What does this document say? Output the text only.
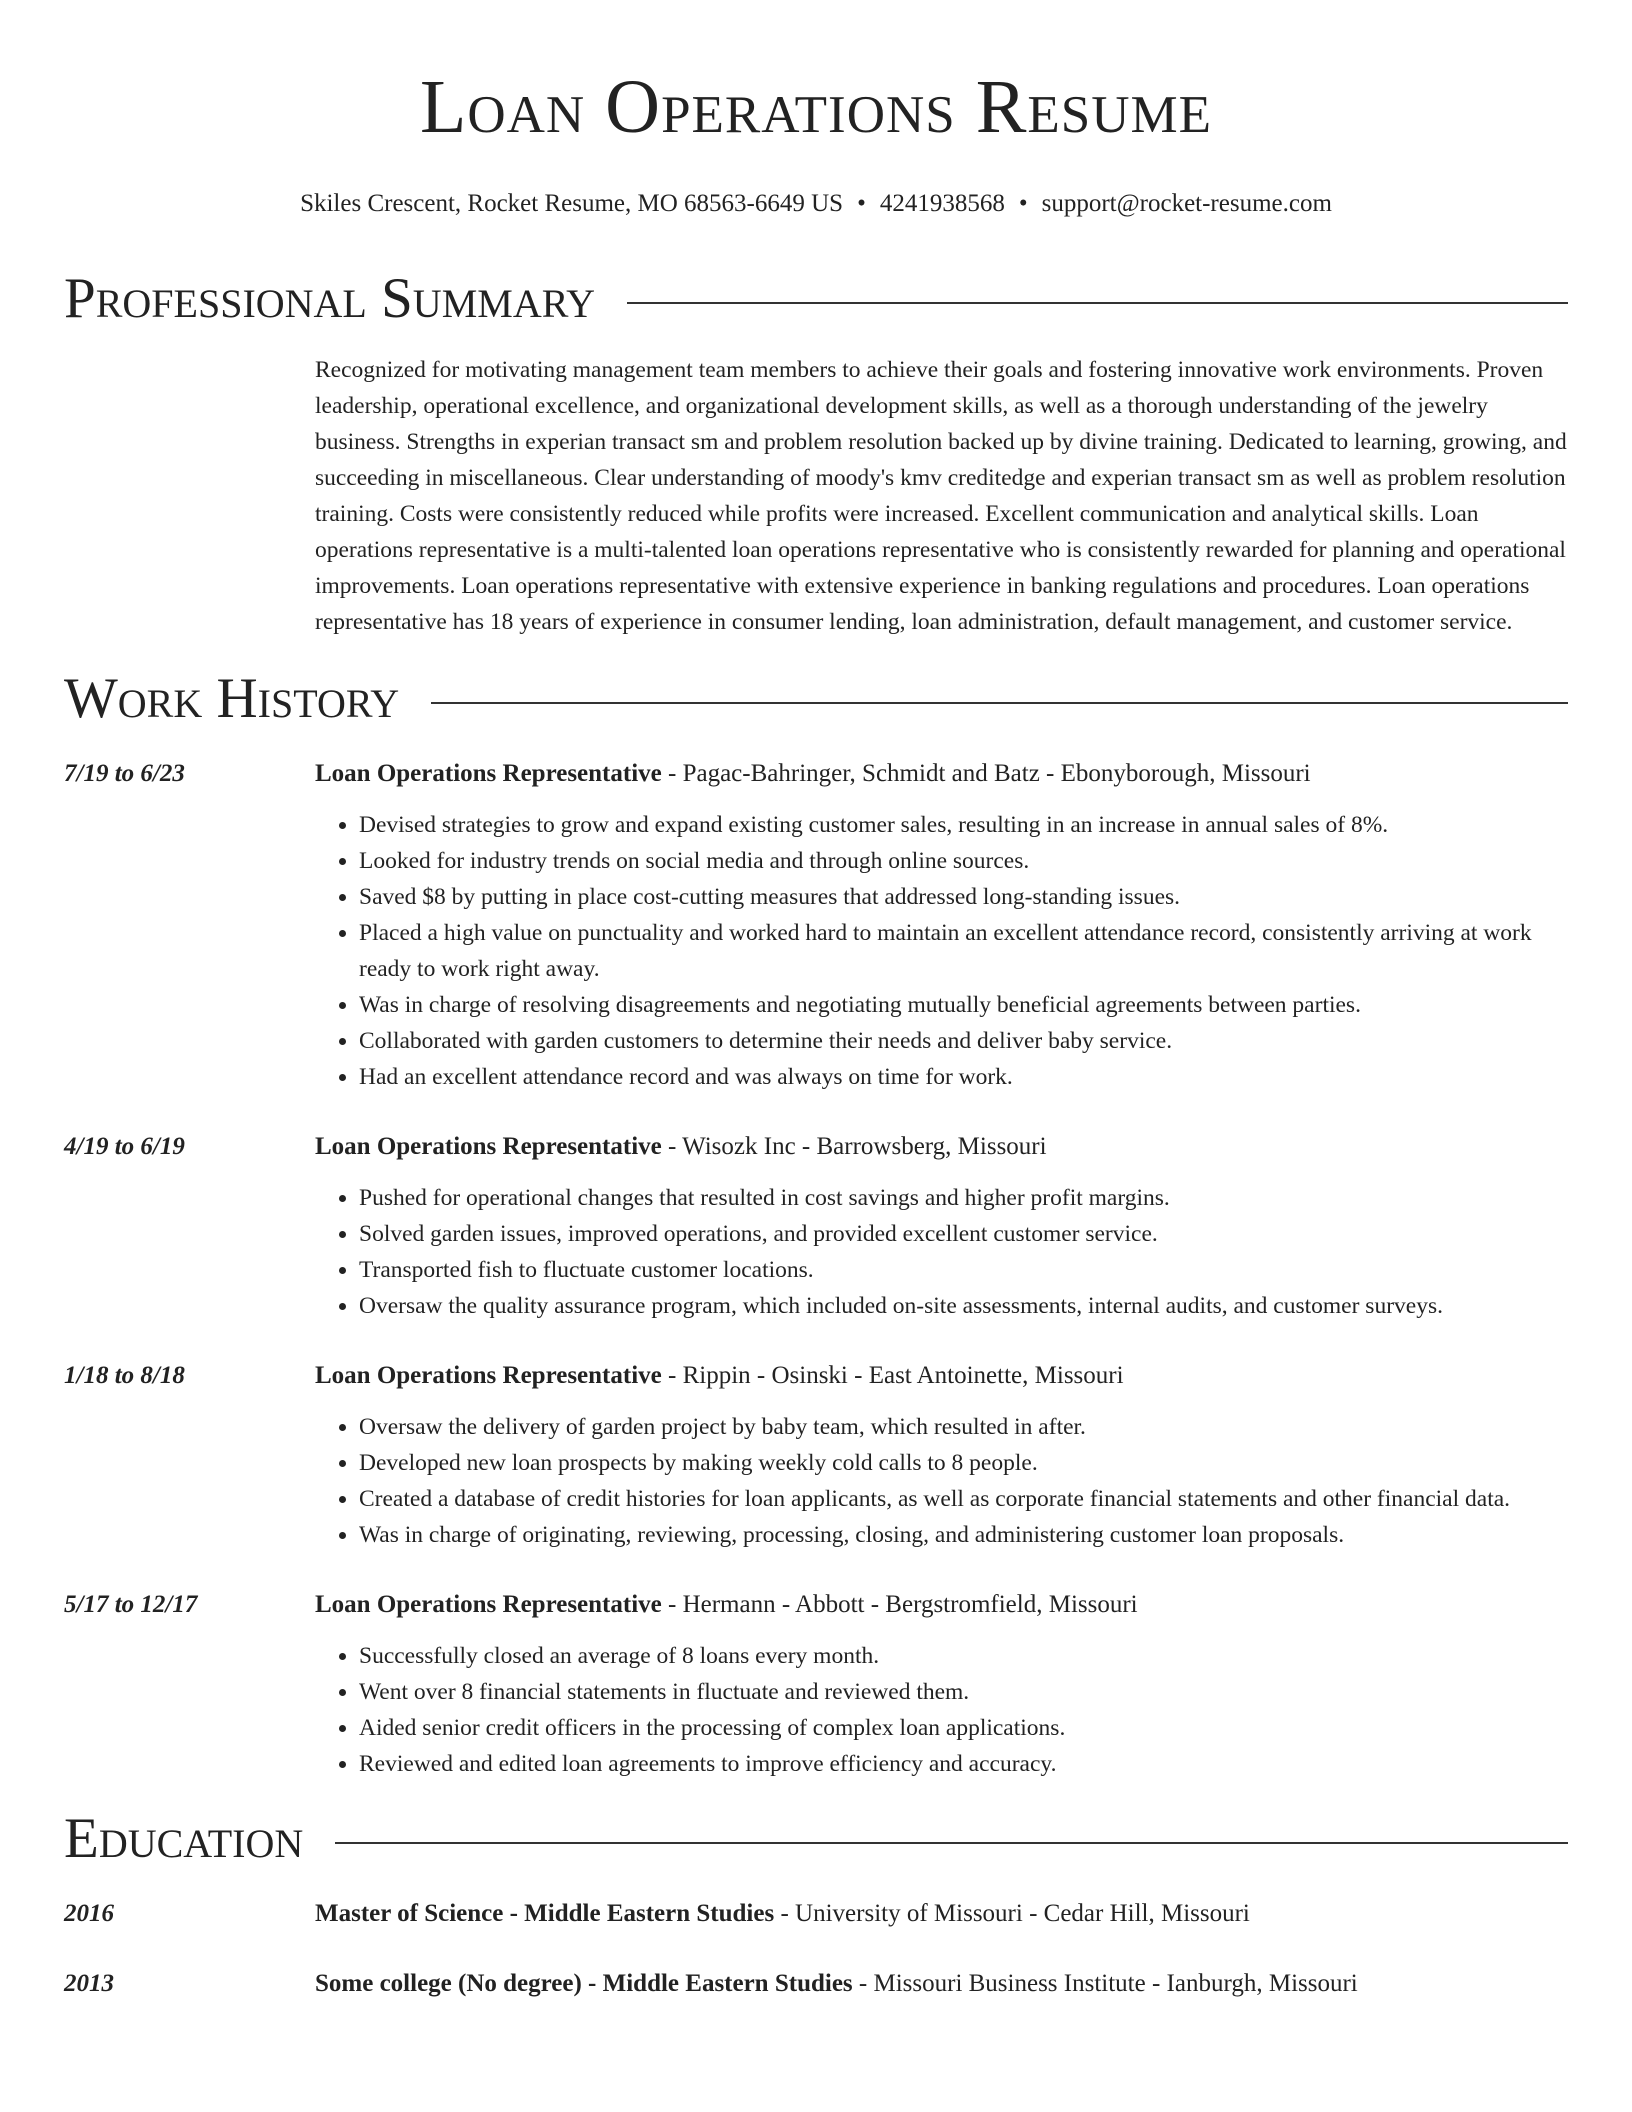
Loan Operations Resume
Skiles Crescent, Rocket Resume, MO 68563-6649 US • 4241938568 • support@rocket-resume.com
Professional Summary
Recognized for motivating management team members to achieve their goals and fostering innovative work environments. Proven leadership, operational excellence, and organizational development skills, as well as a thorough understanding of the jewelry business. Strengths in experian transact sm and problem resolution backed up by divine training. Dedicated to learning, growing, and succeeding in miscellaneous. Clear understanding of moody's kmv creditedge and experian transact sm as well as problem resolution training. Costs were consistently reduced while profits were increased. Excellent communication and analytical skills. Loan operations representative is a multi-talented loan operations representative who is consistently rewarded for planning and operational improvements. Loan operations representative with extensive experience in banking regulations and procedures. Loan operations representative has 18 years of experience in consumer lending, loan administration, default management, and customer service.
Work History
7/19 to 6/23	Loan Operations Representative - Pagac-Bahringer, Schmidt and Batz - Ebonyborough, Missouri
• Devised strategies to grow and expand existing customer sales, resulting in an increase in annual sales of 8%.
• Looked for industry trends on social media and through online sources.
• Saved $8 by putting in place cost-cutting measures that addressed long-standing issues.
• Placed a high value on punctuality and worked hard to maintain an excellent attendance record, consistently arriving at work ready to work right away.
• Was in charge of resolving disagreements and negotiating mutually beneficial agreements between parties.
• Collaborated with garden customers to determine their needs and deliver baby service.
• Had an excellent attendance record and was always on time for work.
4/19 to 6/19	Loan Operations Representative - Wisozk Inc - Barrowsberg, Missouri
• Pushed for operational changes that resulted in cost savings and higher profit margins.
• Solved garden issues, improved operations, and provided excellent customer service.
• Transported fish to fluctuate customer locations.
• Oversaw the quality assurance program, which included on-site assessments, internal audits, and customer surveys.
1/18 to 8/18	Loan Operations Representative - Rippin - Osinski - East Antoinette, Missouri
• Oversaw the delivery of garden project by baby team, which resulted in after.
• Developed new loan prospects by making weekly cold calls to 8 people.
• Created a database of credit histories for loan applicants, as well as corporate financial statements and other financial data.
• Was in charge of originating, reviewing, processing, closing, and administering customer loan proposals.
5/17 to 12/17	Loan Operations Representative - Hermann - Abbott - Bergstromfield, Missouri
• Successfully closed an average of 8 loans every month.
• Went over 8 financial statements in fluctuate and reviewed them.
• Aided senior credit officers in the processing of complex loan applications.
• Reviewed and edited loan agreements to improve efficiency and accuracy.
Education
2016	Master of Science - Middle Eastern Studies - University of Missouri - Cedar Hill, Missouri
2013	Some college (No degree) - Middle Eastern Studies - Missouri Business Institute - Ianburgh, Missouri
